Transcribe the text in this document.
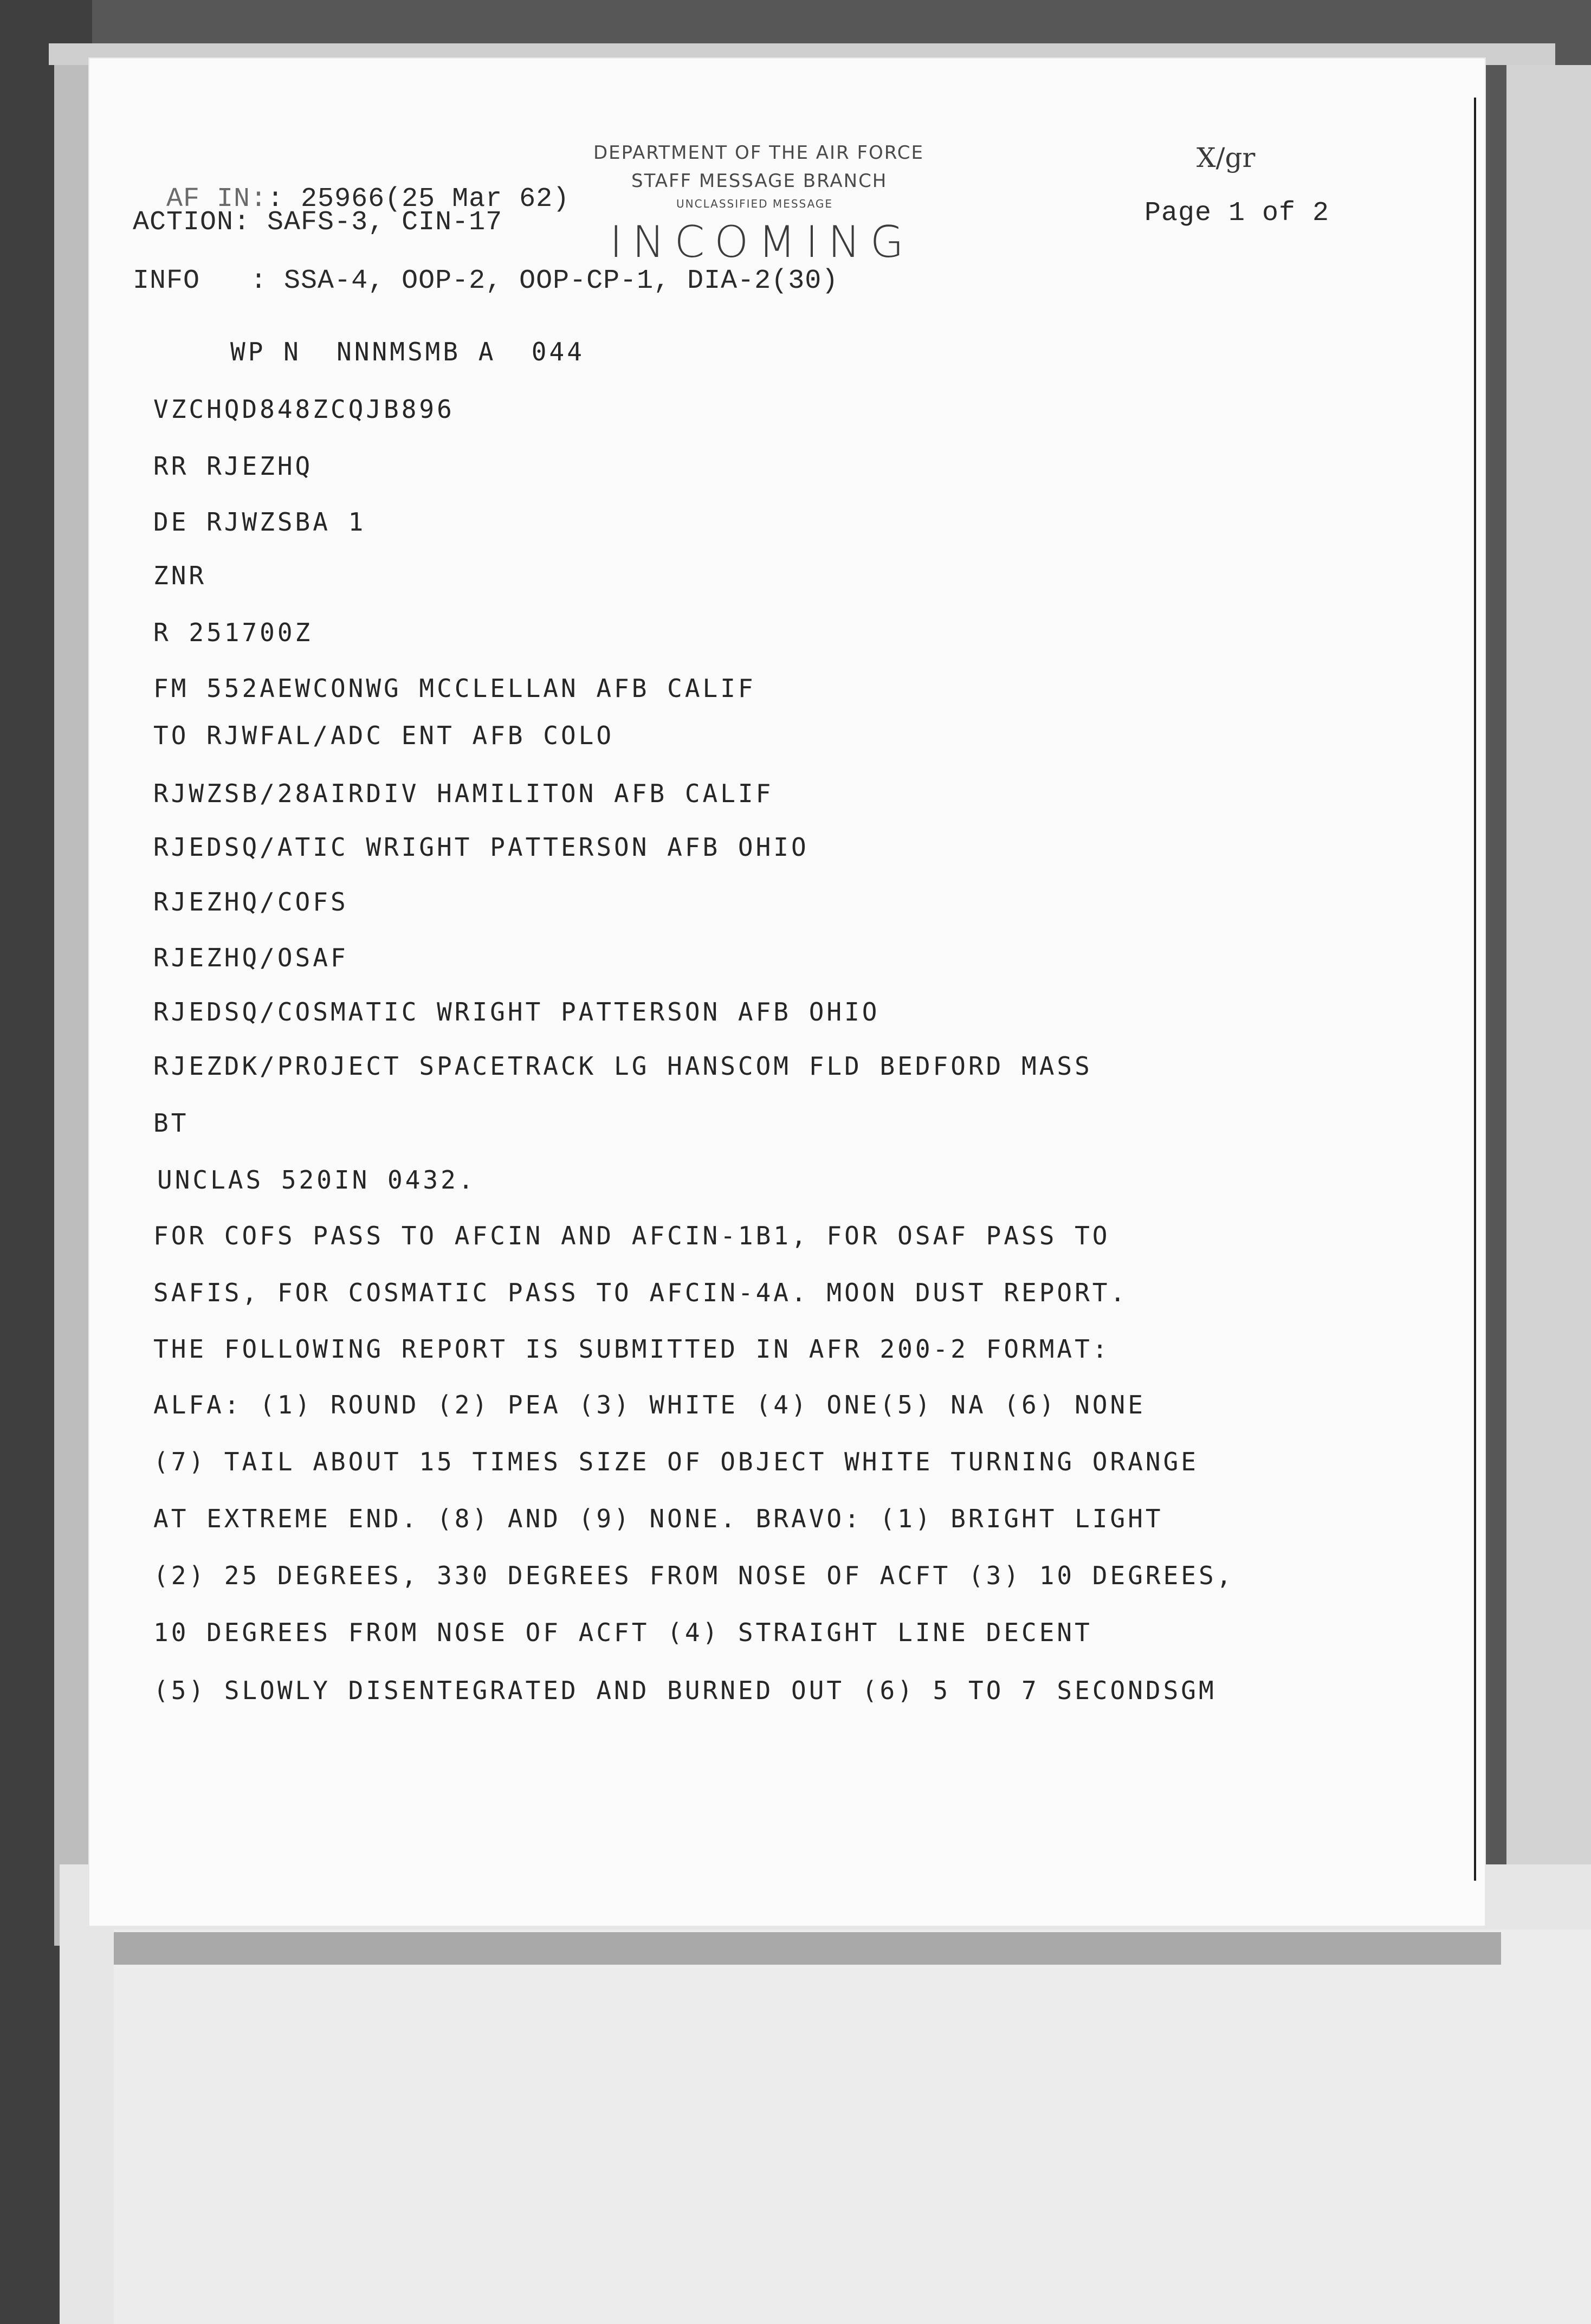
AF IN:: 25966(25 Mar 62)

ACTION: SAFS-3, CIN-17
INFO   : SSA-4, OOP-2, OOP-CP-1, DIA-2(30)
DEPARTMENT OF THE AIR FORCE
STAFF MESSAGE BRANCH
UNCLASSIFIED MESSAGE
INCOMING
X/gr
Page 1 of 2
WP N  NNNMSMB A  044
VZCHQD848ZCQJB896
RR RJEZHQ
DE RJWZSBA 1
ZNR
R 251700Z
FM 552AEWCONWG MCCLELLAN AFB CALIF
TO RJWFAL/ADC ENT AFB COLO
RJWZSB/28AIRDIV HAMILITON AFB CALIF
RJEDSQ/ATIC WRIGHT PATTERSON AFB OHIO
RJEZHQ/COFS
RJEZHQ/OSAF
RJEDSQ/COSMATIC WRIGHT PATTERSON AFB OHIO
RJEZDK/PROJECT SPACETRACK LG HANSCOM FLD BEDFORD MASS
BT
UNCLAS 520IN 0432.
FOR COFS PASS TO AFCIN AND AFCIN-1B1, FOR OSAF PASS TO
SAFIS, FOR COSMATIC PASS TO AFCIN-4A. MOON DUST REPORT.
THE FOLLOWING REPORT IS SUBMITTED IN AFR 200-2 FORMAT:
ALFA: (1) ROUND (2) PEA (3) WHITE (4) ONE(5) NA (6) NONE
(7) TAIL ABOUT 15 TIMES SIZE OF OBJECT WHITE TURNING ORANGE
AT EXTREME END. (8) AND (9) NONE. BRAVO: (1) BRIGHT LIGHT
(2) 25 DEGREES, 330 DEGREES FROM NOSE OF ACFT (3) 10 DEGREES,
10 DEGREES FROM NOSE OF ACFT (4) STRAIGHT LINE DECENT
(5) SLOWLY DISENTEGRATED AND BURNED OUT (6) 5 TO 7 SECONDSGM
